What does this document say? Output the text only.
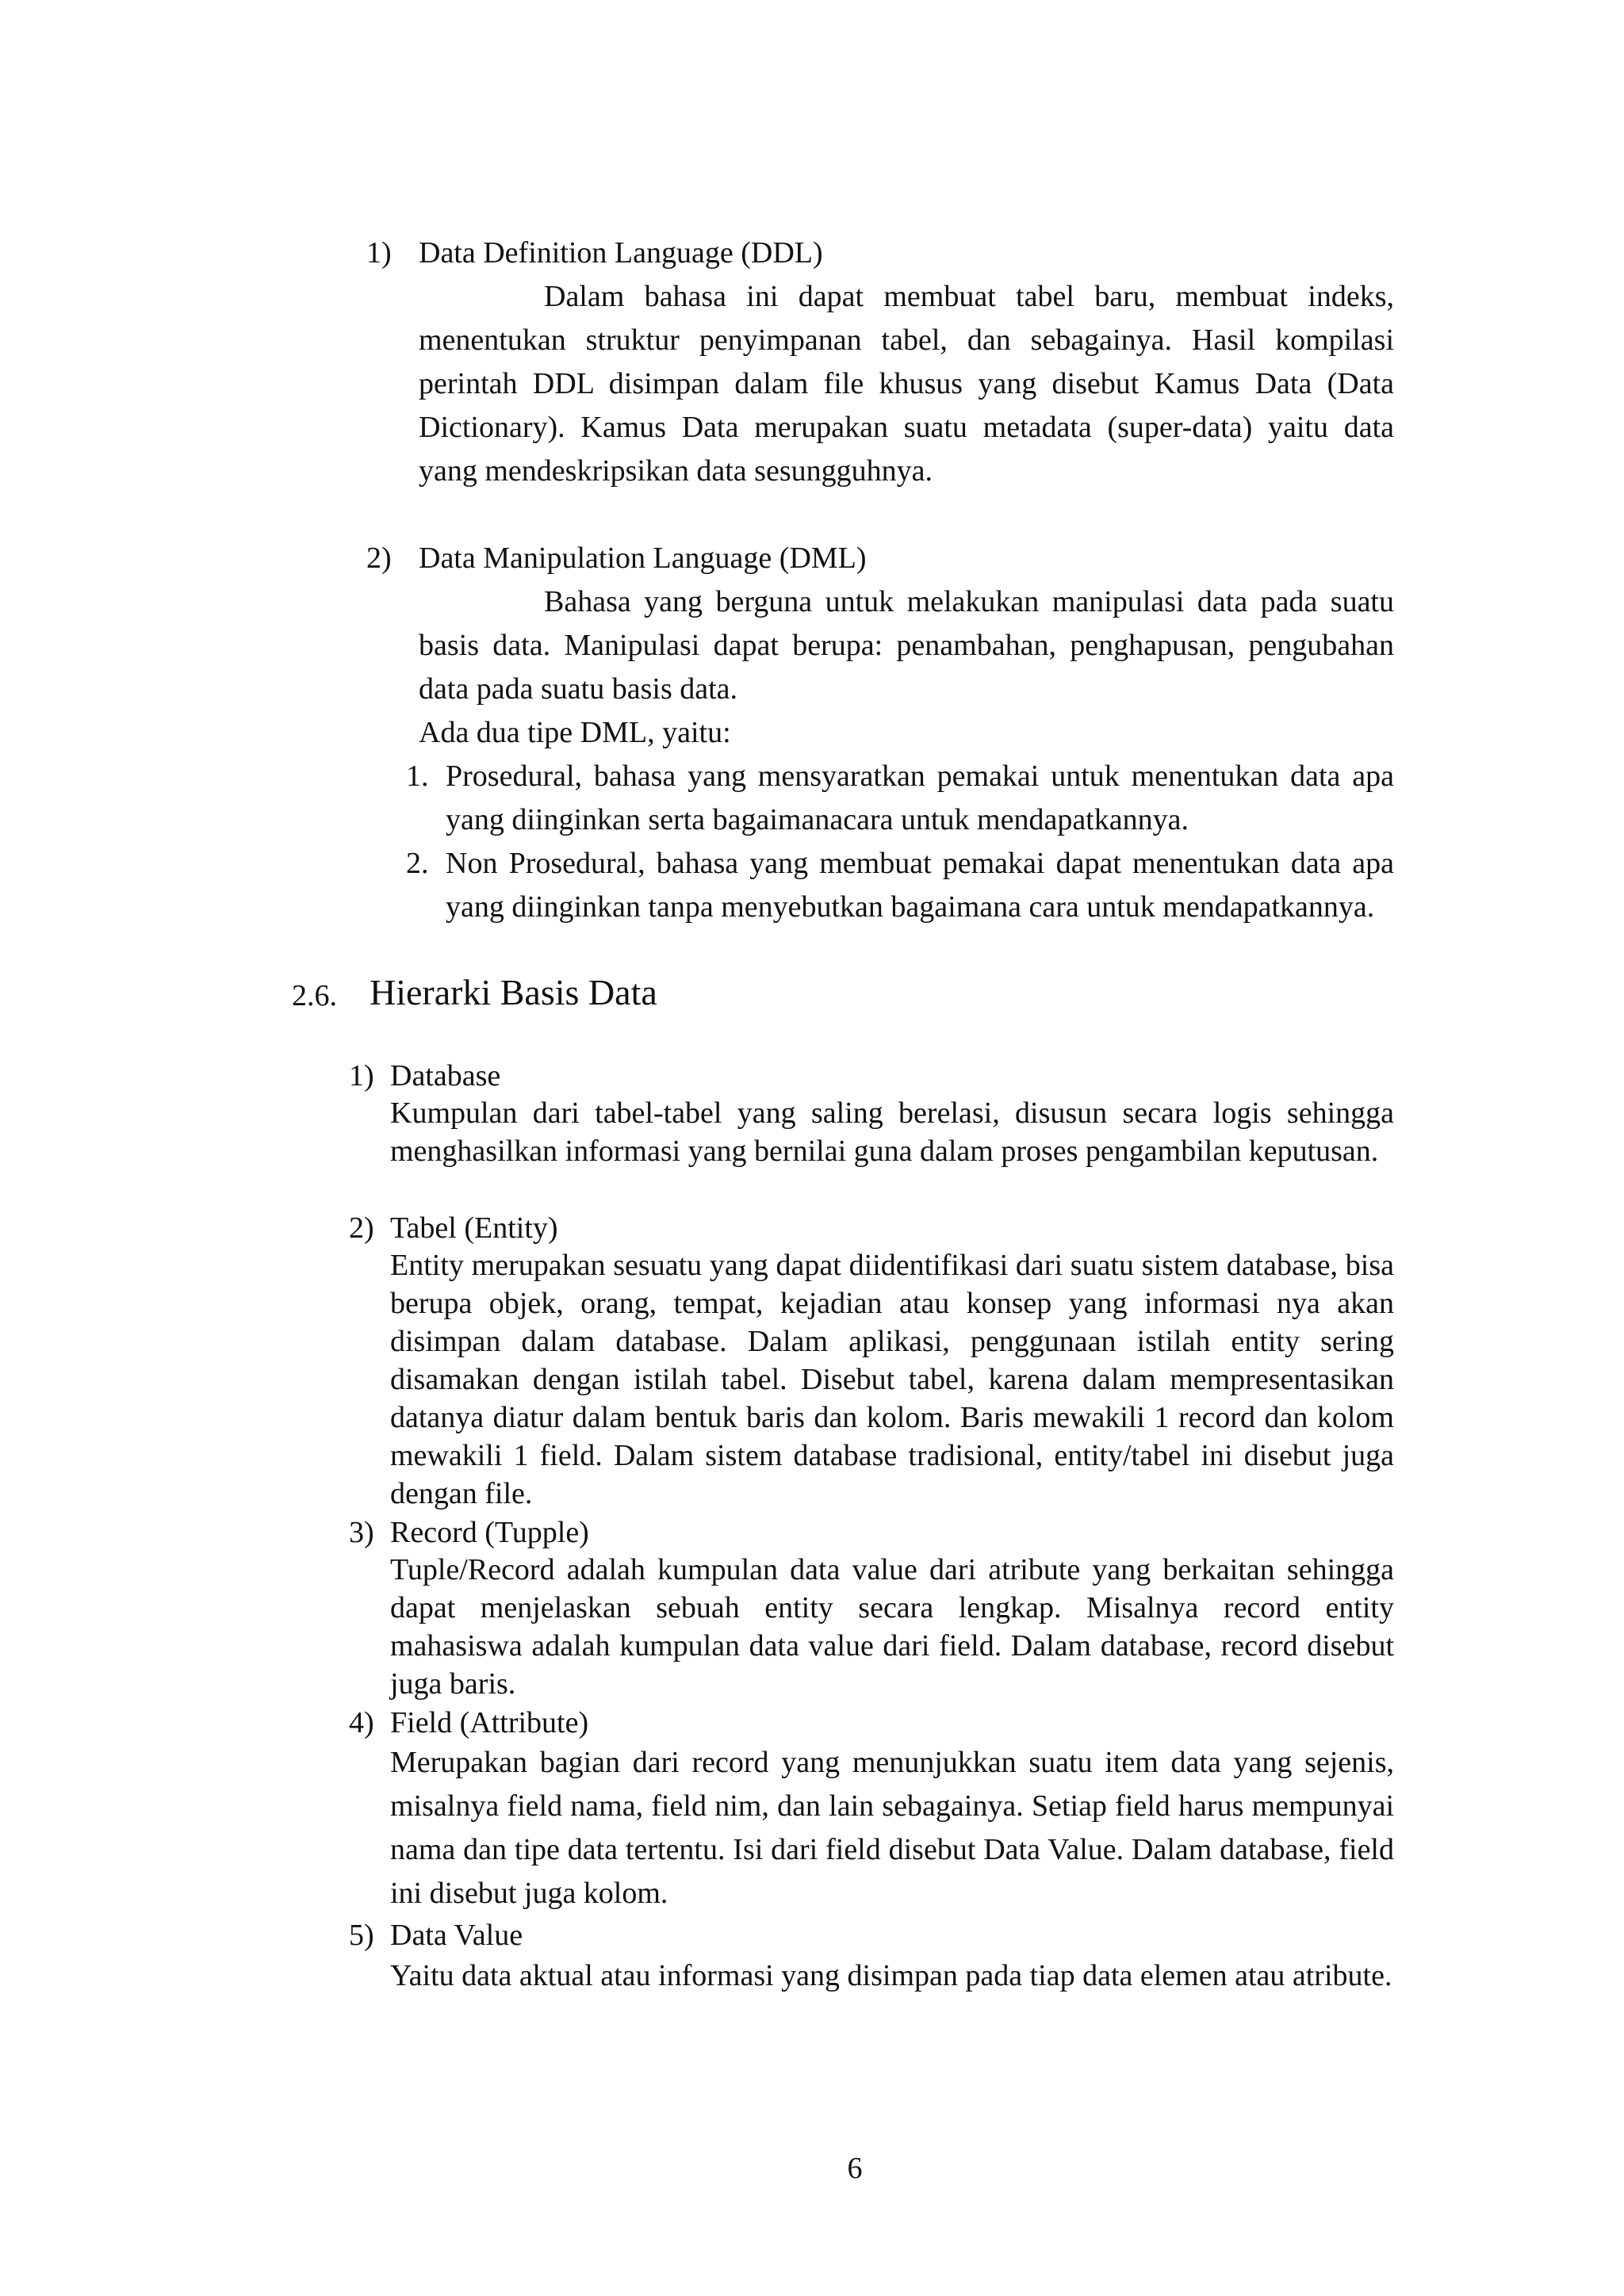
1) Data Definition Language (DDL)

Dalam bahasa ini dapat membuat tabel baru, membuat indeks, menentukan struktur penyimpanan tabel, dan sebagainya. Hasil kompilasi perintah DDL disimpan dalam file khusus yang disebut Kamus Data (Data Dictionary). Kamus Data merupakan suatu metadata (super-data) yaitu data yang mendeskripsikan data sesungguhnya.

2) Data Manipulation Language (DML)

Bahasa yang berguna untuk melakukan manipulasi data pada suatu basis data. Manipulasi dapat berupa: penambahan, penghapusan, pengubahan data pada suatu basis data.

Ada dua tipe DML, yaitu:

1. Prosedural, bahasa yang mensyaratkan pemakai untuk menentukan data apa yang diinginkan serta bagaimanacara untuk mendapatkannya.

2. Non Prosedural, bahasa yang membuat pemakai dapat menentukan data apa yang diinginkan tanpa menyebutkan bagaimana cara untuk mendapatkannya.

2.6. Hierarki Basis Data
1) Database

Kumpulan dari tabel-tabel yang saling berelasi, disusun secara logis sehingga menghasilkan informasi yang bernilai guna dalam proses pengambilan keputusan.

2) Tabel (Entity)

Entity merupakan sesuatu yang dapat diidentifikasi dari suatu sistem database, bisa berupa objek, orang, tempat, kejadian atau konsep yang informasi nya akan disimpan dalam database. Dalam aplikasi, penggunaan istilah entity sering disamakan dengan istilah tabel. Disebut tabel, karena dalam mempresentasikan datanya diatur dalam bentuk baris dan kolom. Baris mewakili 1 record dan kolom mewakili 1 field. Dalam sistem database tradisional, entity/tabel ini disebut juga dengan file.

3) Record (Tupple)

Tuple/Record adalah kumpulan data value dari atribute yang berkaitan sehingga dapat menjelaskan sebuah entity secara lengkap. Misalnya record entity mahasiswa adalah kumpulan data value dari field. Dalam database, record disebut juga baris.

4) Field (Attribute)

Merupakan bagian dari record yang menunjukkan suatu item data yang sejenis, misalnya field nama, field nim, dan lain sebagainya. Setiap field harus mempunyai nama dan tipe data tertentu. Isi dari field disebut Data Value. Dalam database, field ini disebut juga kolom.

5) Data Value

Yaitu data aktual atau informasi yang disimpan pada tiap data elemen atau atribute.

6
